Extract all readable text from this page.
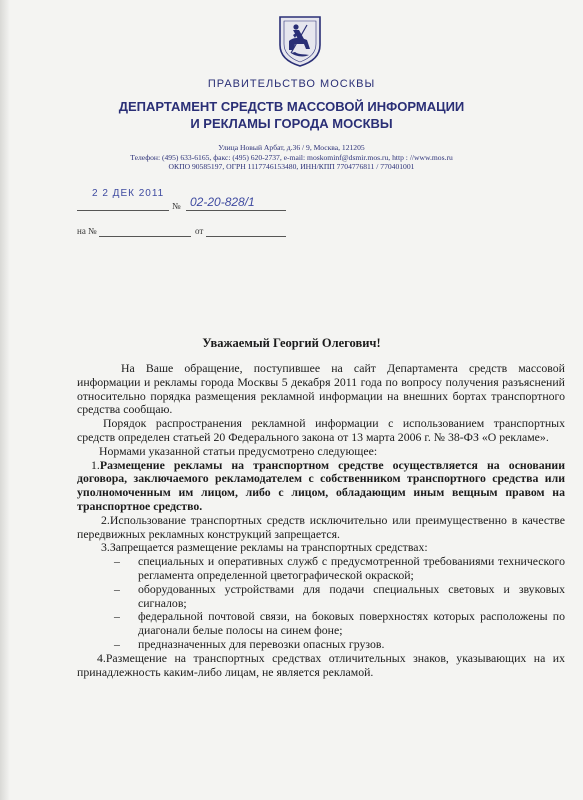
ПРАВИТЕЛЬСТВО МОСКВЫ
ДЕПАРТАМЕНТ СРЕДСТВ МАССОВОЙ ИНФОРМАЦИИ
И РЕКЛАМЫ ГОРОДА МОСКВЫ
Улица Новый Арбат, д.36 / 9, Москва, 121205
Телефон: (495) 633-6165, факс: (495) 620-2737, e-mail: moskominf@dsmir.mos.ru, http : //www.mos.ru
ОКПО 90585197, ОГРН 1117746153480, ИНН/КПП 7704776811 / 770401001
2 2 ДЕК 2011
№ 02-20-828/1
на №	от
Уважаемый Георгий Олегович!

На Ваше обращение, поступившее на сайт Департамента средств массовой информации и рекламы города Москвы 5 декабря 2011 года по вопросу получения разъяснений относительно порядка размещения рекламной информации на внешних бортах транспортного средства сообщаю.

Порядок распространения рекламной информации с использованием транспортных средств определен статьей 20 Федерального закона от 13 марта 2006 г. № 38-ФЗ «О рекламе».

Нормами указанной статьи предусмотрено следующее:

1.Размещение рекламы на транспортном средстве осуществляется на основании договора, заключаемого рекламодателем с собственником транспортного средства или уполномоченным им лицом, либо с лицом, обладающим иным вещным правом на транспортное средство.

2.Использование транспортных средств исключительно или преимущественно в качестве передвижных рекламных конструкций запрещается.

3.Запрещается размещение рекламы на транспортных средствах:

– специальных и оперативных служб с предусмотренной требованиями технического регламента определенной цветографической окраской;
– оборудованных устройствами для подачи специальных световых и звуковых сигналов;
– федеральной почтовой связи, на боковых поверхностях которых расположены по диагонали белые полосы на синем фоне;
– предназначенных для перевозки опасных грузов.

4.Размещение на транспортных средствах отличительных знаков, указывающих на их принадлежность каким-либо лицам, не является рекламой.
